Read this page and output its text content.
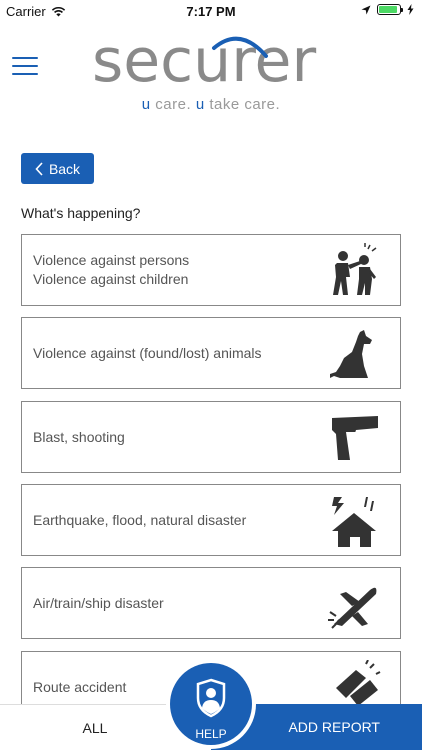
Carrier	7:17 PM
securer
u care. u take care.
Back
What's happening?
Violence against persons
Violence against children
Violence against (found/lost) animals
Blast, shooting
Earthquake, flood, natural disaster
Air/train/ship disaster
Route accident
ALL	ADD REPORT
HELP
